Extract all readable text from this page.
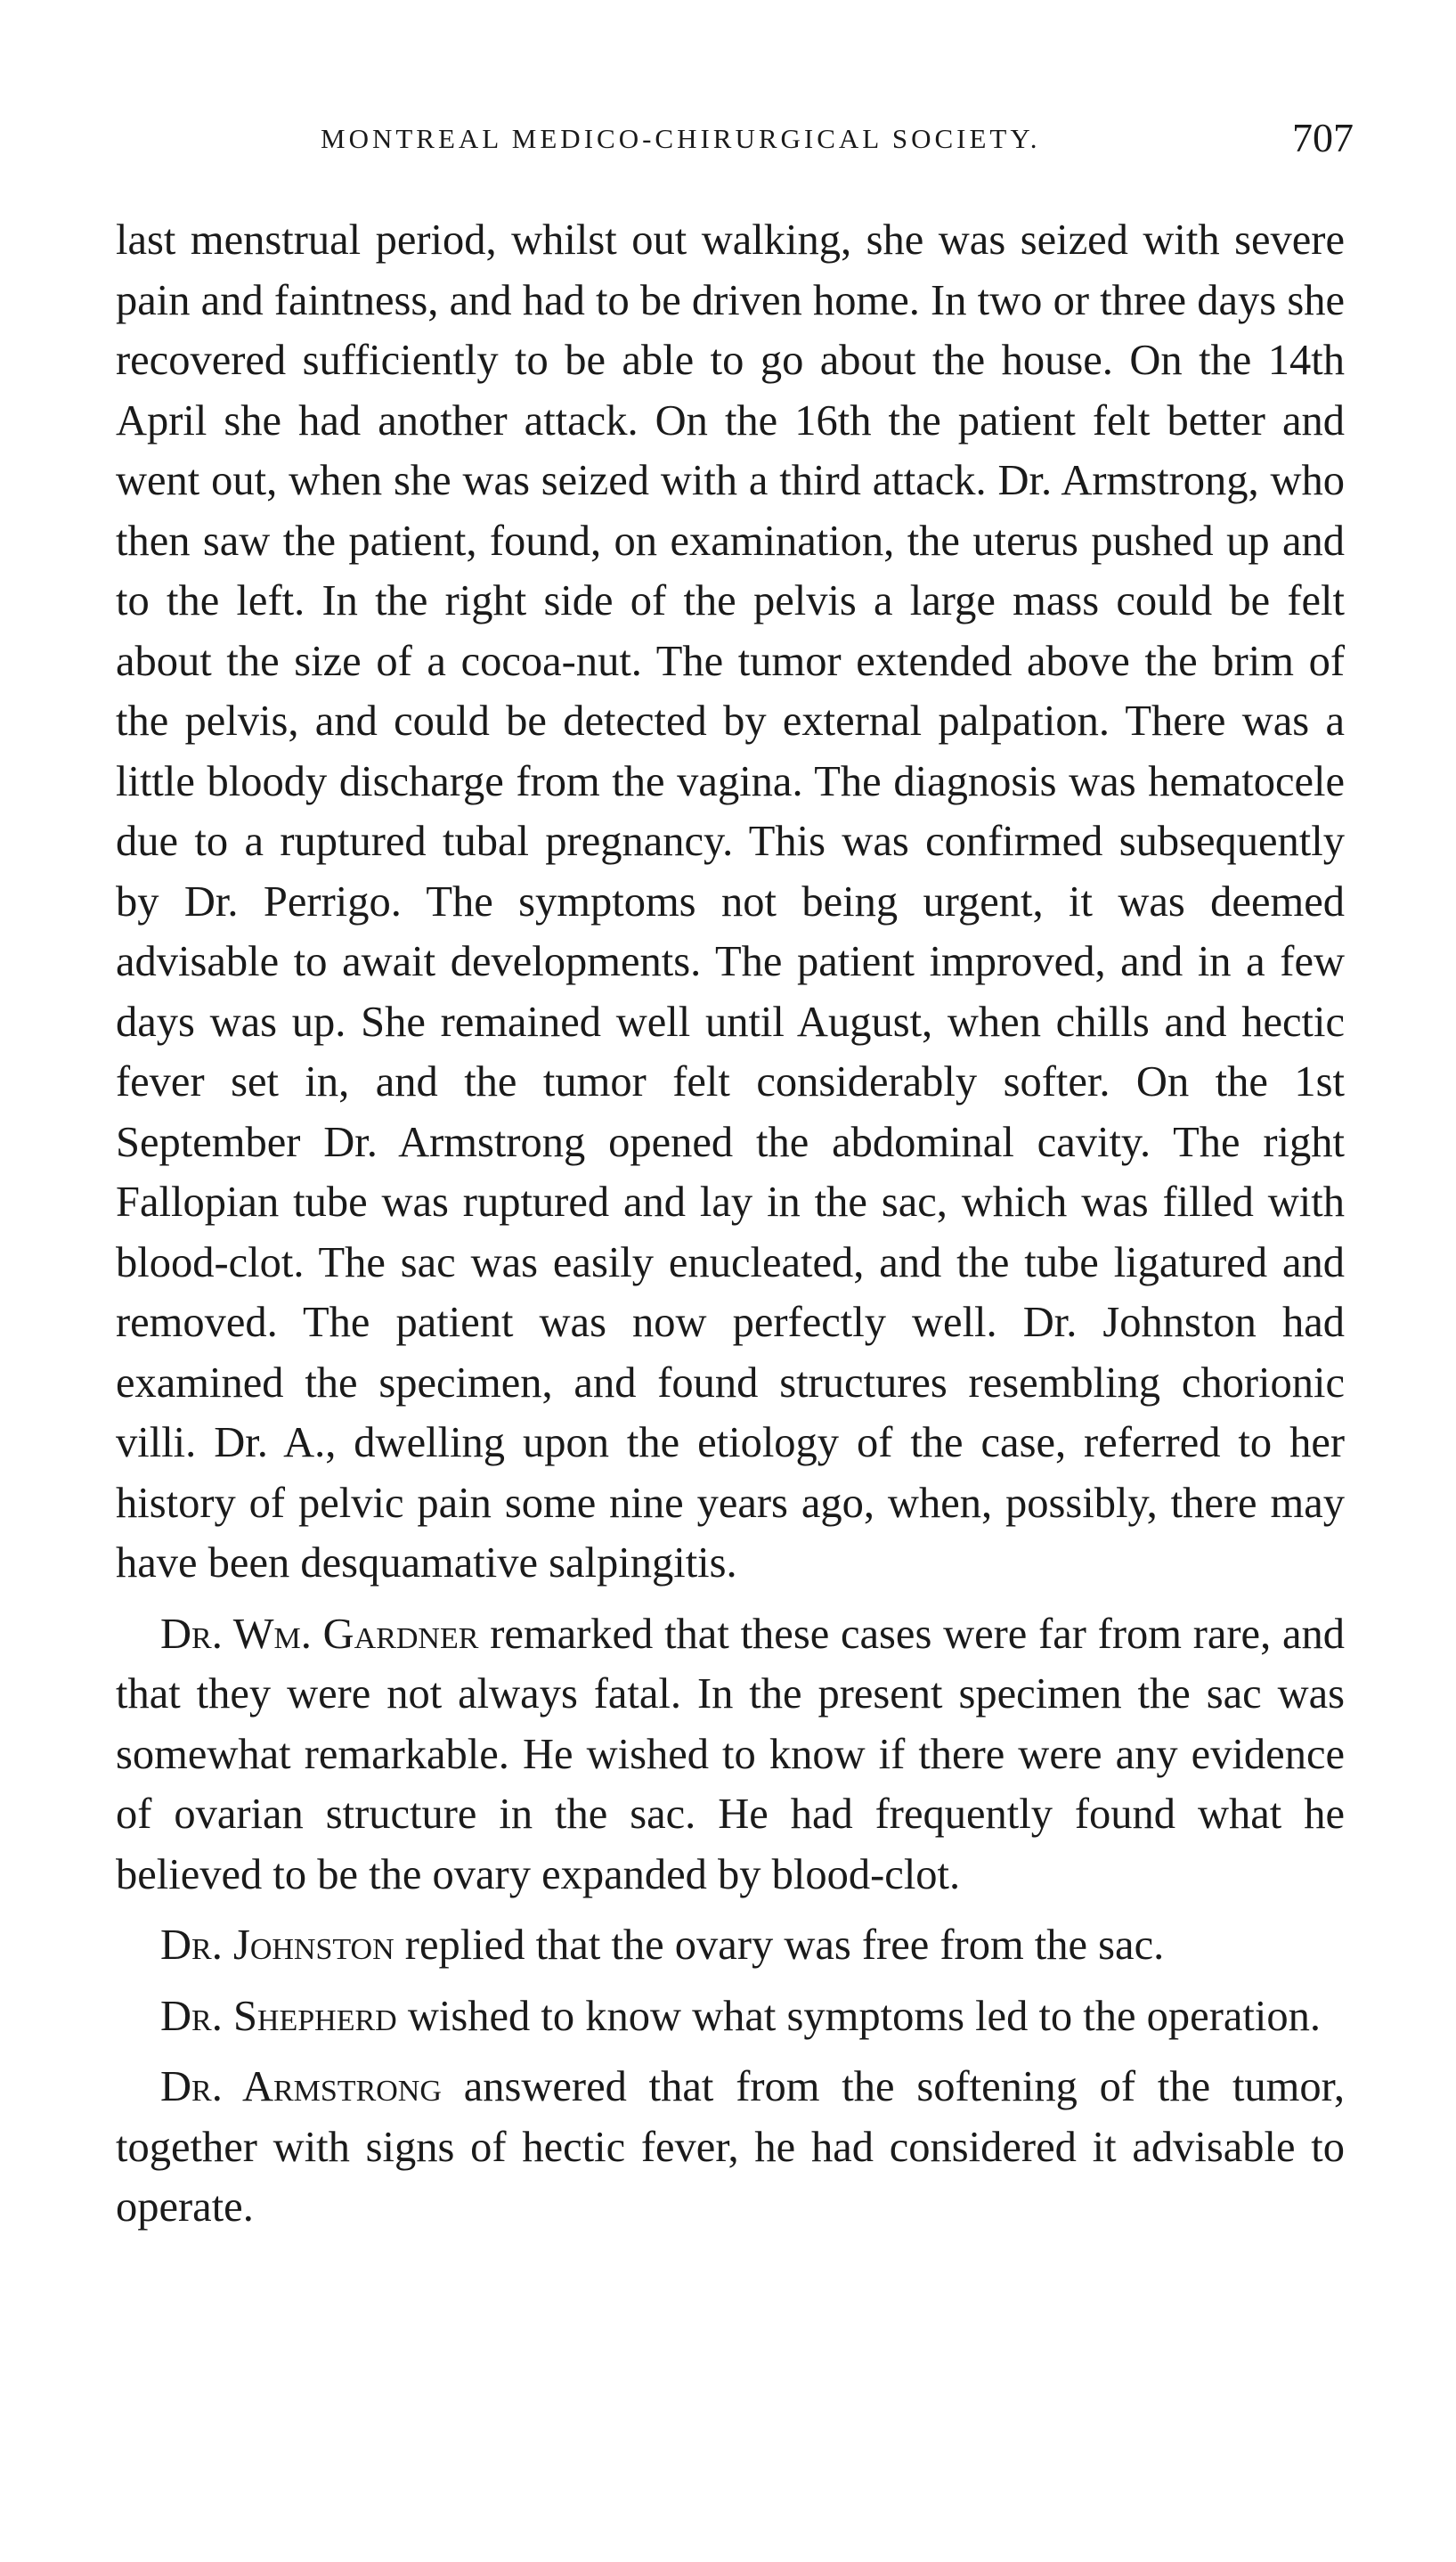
MONTREAL MEDICO-CHIRURGICAL SOCIETY.	707

last menstrual period, whilst out walking, she was seized with severe pain and faintness, and had to be driven home. In two or three days she recovered sufficiently to be able to go about the house. On the 14th April she had another attack. On the 16th the patient felt better and went out, when she was seized with a third attack. Dr. Armstrong, who then saw the patient, found, on examination, the uterus pushed up and to the left. In the right side of the pelvis a large mass could be felt about the size of a cocoa-nut. The tumor extended above the brim of the pelvis, and could be detected by external palpation. There was a little bloody discharge from the vagina. The diagnosis was hematocele due to a ruptured tubal pregnancy. This was confirmed subsequently by Dr. Perrigo. The symptoms not being urgent, it was deemed advisable to await developments. The patient improved, and in a few days was up. She remained well until August, when chills and hectic fever set in, and the tumor felt considerably softer. On the 1st September Dr. Armstrong opened the abdominal cavity. The right Fallopian tube was ruptured and lay in the sac, which was filled with blood-clot. The sac was easily enucleated, and the tube ligatured and removed. The patient was now perfectly well. Dr. Johnston had examined the specimen, and found structures resembling chorionic villi. Dr. A., dwelling upon the etiology of the case, referred to her history of pelvic pain some nine years ago, when, possibly, there may have been desquamative salpingitis.

Dr. Wm. Gardner remarked that these cases were far from rare, and that they were not always fatal. In the present specimen the sac was somewhat remarkable. He wished to know if there were any evidence of ovarian structure in the sac. He had frequently found what he believed to be the ovary expanded by blood-clot.

Dr. Johnston replied that the ovary was free from the sac.

Dr. Shepherd wished to know what symptoms led to the operation.

Dr. Armstrong answered that from the softening of the tumor, together with signs of hectic fever, he had considered it advisable to operate.
